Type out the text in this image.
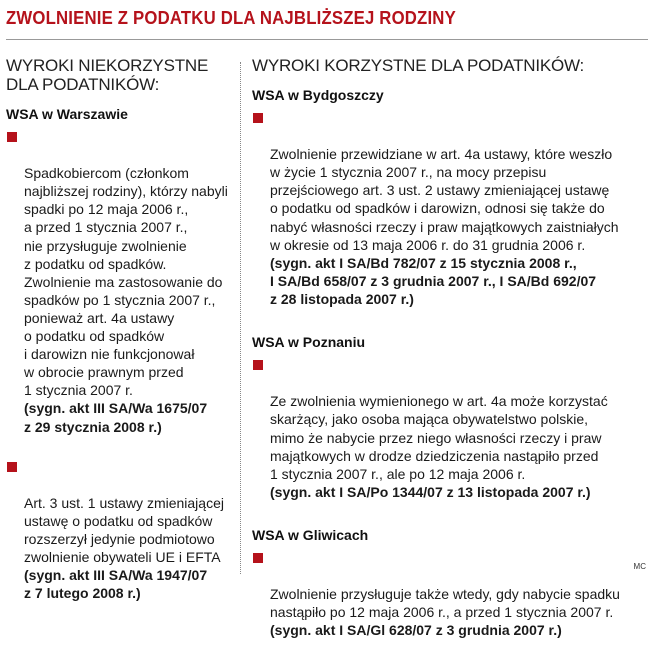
ZWOLNIENIE Z PODATKU DLA NAJBLIŻSZEJ RODZINY
WYROKI NIEKORZYSTNE
DLA PODATNIKÓW:
WSA w Warszawie

Spadkobiercom (członkom
najbliższej rodziny), którzy nabyli
spadki po 12 maja 2006 r.,
a przed 1 stycznia 2007 r.,
nie przysługuje zwolnienie
z podatku od spadków.
Zwolnienie ma zastosowanie do
spadków po 1 stycznia 2007 r.,
ponieważ art. 4a ustawy
o podatku od spadków
i darowizn nie funkcjonował
w obrocie prawnym przed
1 stycznia 2007 r.

(sygn. akt III SA/Wa 1675/07
z 29 stycznia 2008 r.)

Art. 3 ust. 1 ustawy zmieniającej
ustawę o podatku od spadków
rozszerzył jedynie podmiotowo
zwolnienie obywateli UE i EFTA

(sygn. akt III SA/Wa 1947/07
z 7 lutego 2008 r.)

WYROKI KORZYSTNE DLA PODATNIKÓW:
WSA w Bydgoszczy

Zwolnienie przewidziane w art. 4a ustawy, które weszło
w życie 1 stycznia 2007 r., na mocy przepisu
przejściowego art. 3 ust. 2 ustawy zmieniającej ustawę
o podatku od spadków i darowizn, odnosi się także do
nabyć własności rzeczy i praw majątkowych zaistniałych
w okresie od 13 maja 2006 r. do 31 grudnia 2006 r.

(sygn. akt I SA/Bd 782/07 z 15 stycznia 2008 r.,
I SA/Bd 658/07 z 3 grudnia 2007 r., I SA/Bd 692/07
z 28 listopada 2007 r.)

WSA w Poznaniu

Ze zwolnienia wymienionego w art. 4a może korzystać
skarżący, jako osoba mająca obywatelstwo polskie,
mimo że nabycie przez niego własności rzeczy i praw
majątkowych w drodze dziedziczenia nastąpiło przed
1 stycznia 2007 r., ale po 12 maja 2006 r.

(sygn. akt I SA/Po 1344/07 z 13 listopada 2007 r.)

WSA w Gliwicach

Zwolnienie przysługuje także wtedy, gdy nabycie spadku
nastąpiło po 12 maja 2006 r., a przed 1 stycznia 2007 r.

(sygn. akt I SA/Gl 628/07 z 3 grudnia 2007 r.)

MC
